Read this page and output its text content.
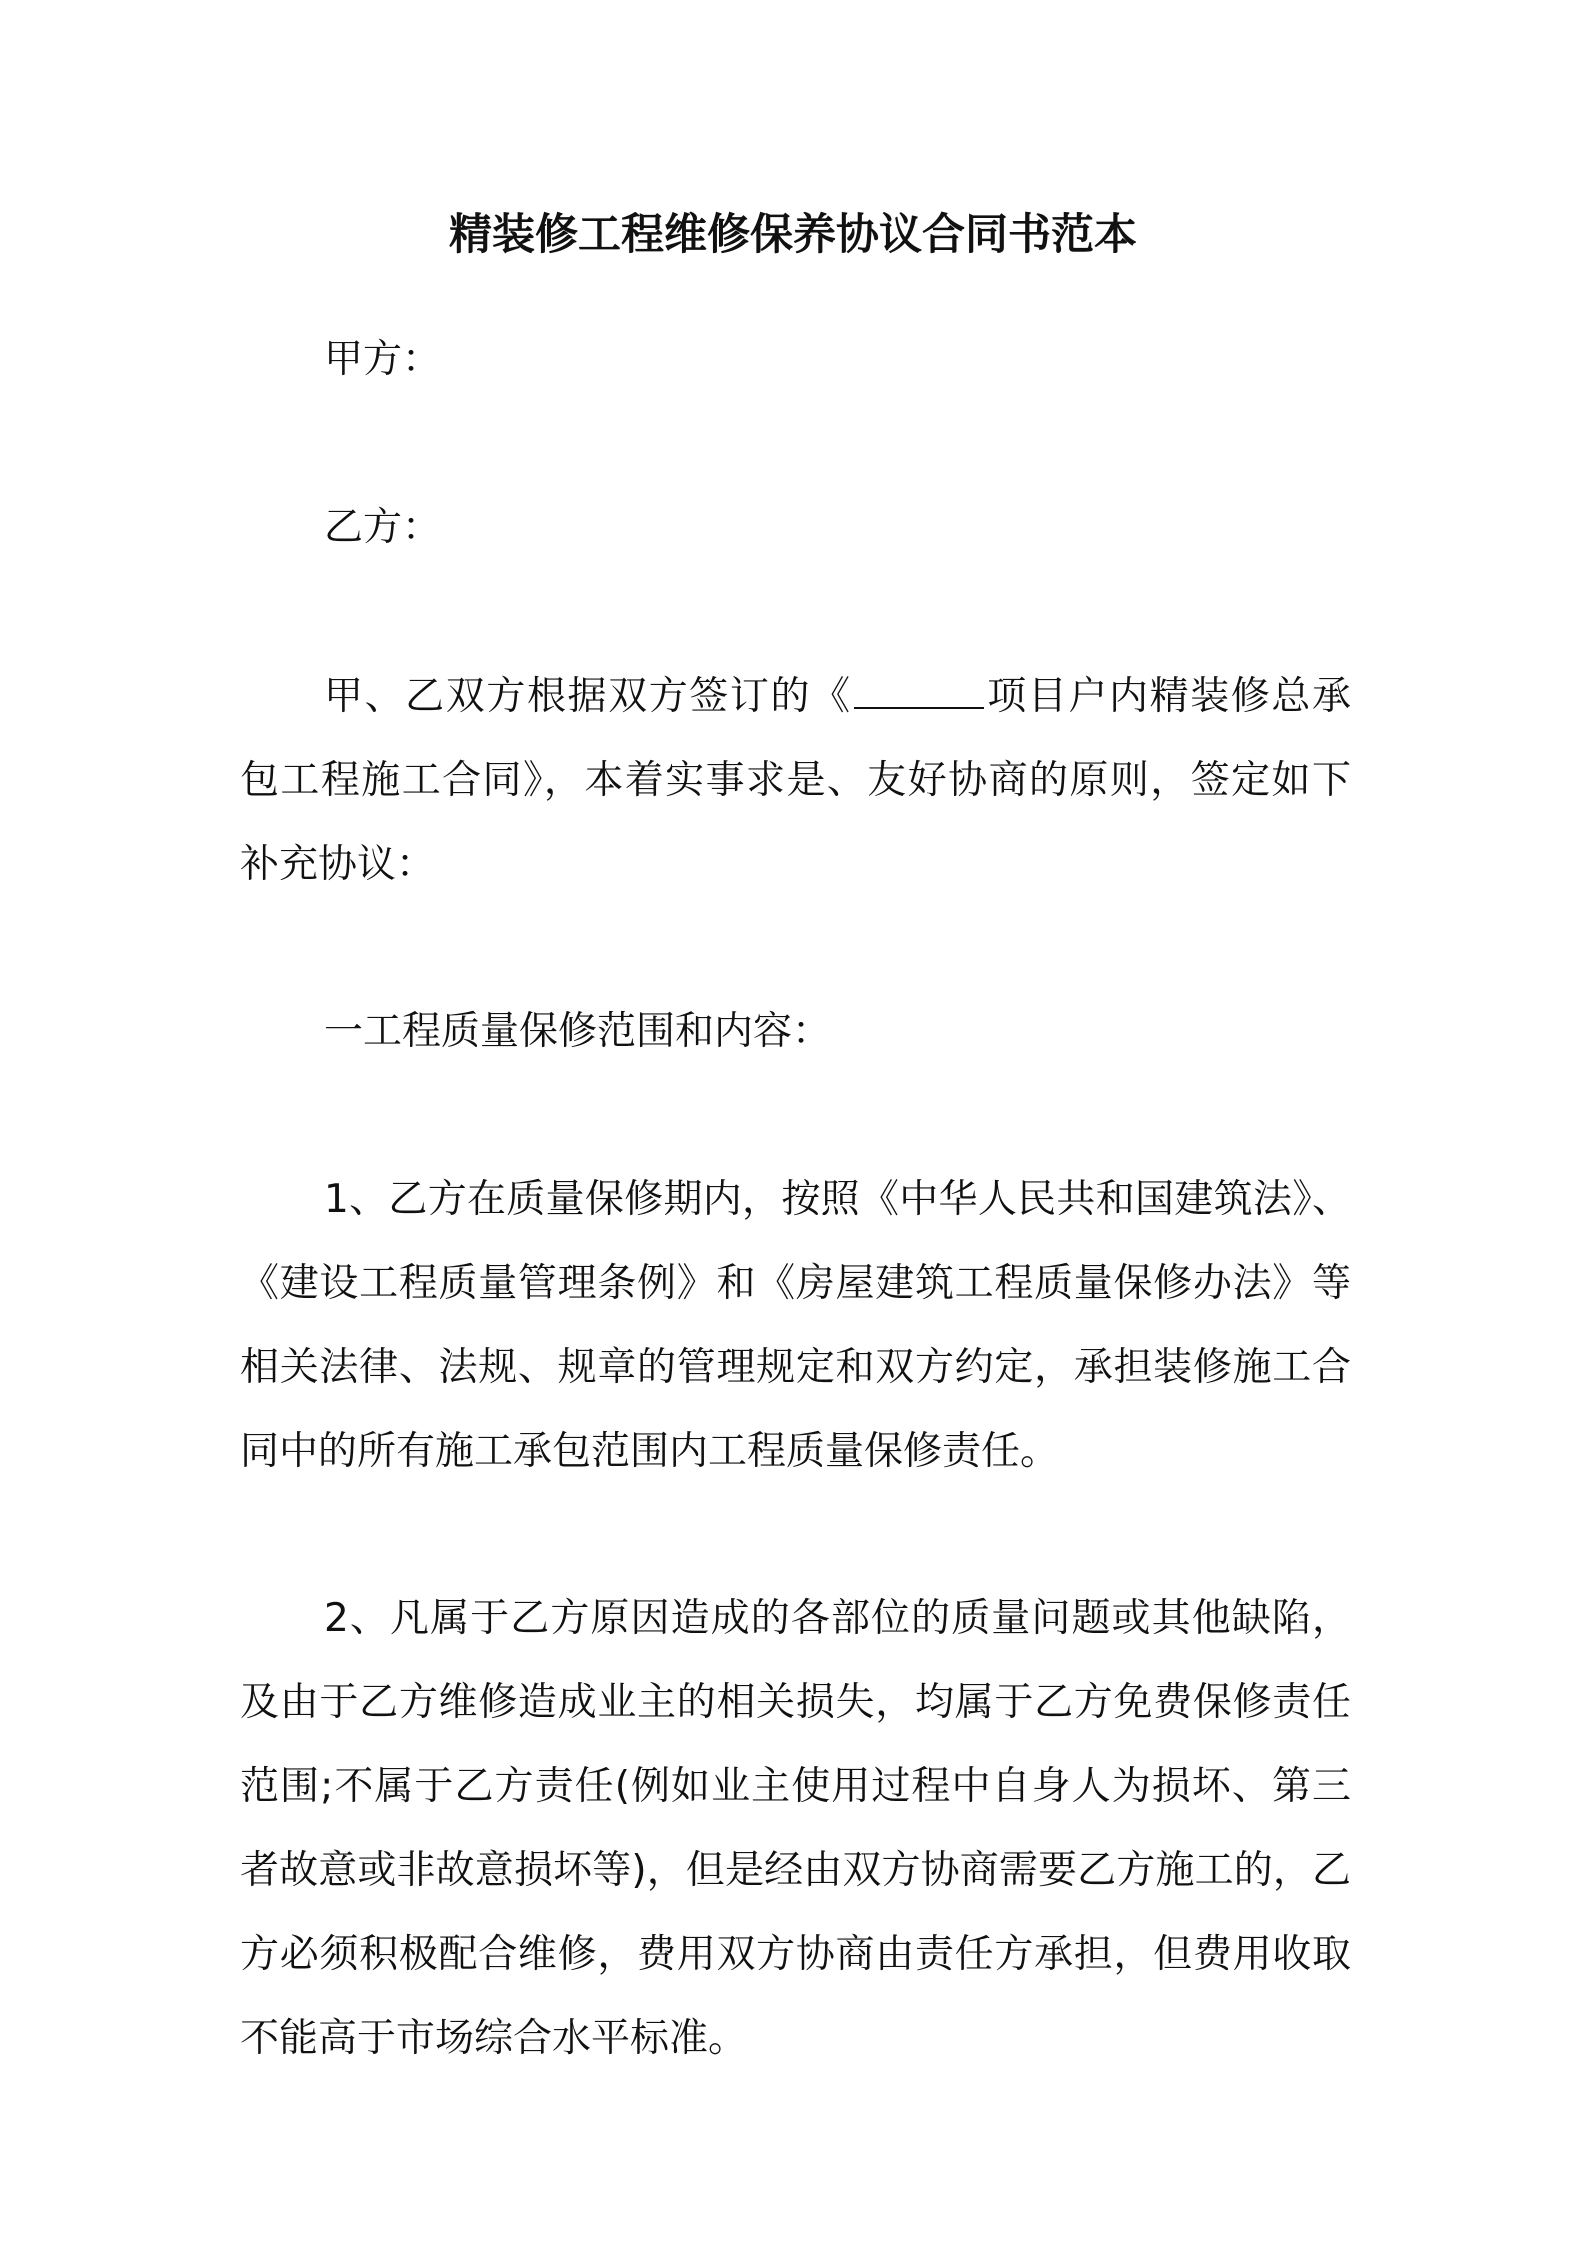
精装修工程维修保养协议合同书范本

甲方：

乙方：

甲、乙双方根据双方签订的《	项目户内精装修总承包工程施工合同》，本着实事求是、友好协商的原则，签定如下补充协议：

一工程质量保修范围和内容：

1、乙方在质量保修期内，按照《中华人民共和国建筑法》、《建设工程质量管理条例》和《房屋建筑工程质量保修办法》等相关法律、法规、规章的管理规定和双方约定，承担装修施工合同中的所有施工承包范围内工程质量保修责任。

2、凡属于乙方原因造成的各部位的质量问题或其他缺陷，及由于乙方维修造成业主的相关损失，均属于乙方免费保修责任范围;不属于乙方责任(例如业主使用过程中自身人为损坏、第三者故意或非故意损坏等)，但是经由双方协商需要乙方施工的，乙方必须积极配合维修，费用双方协商由责任方承担，但费用收取不能高于市场综合水平标准。
